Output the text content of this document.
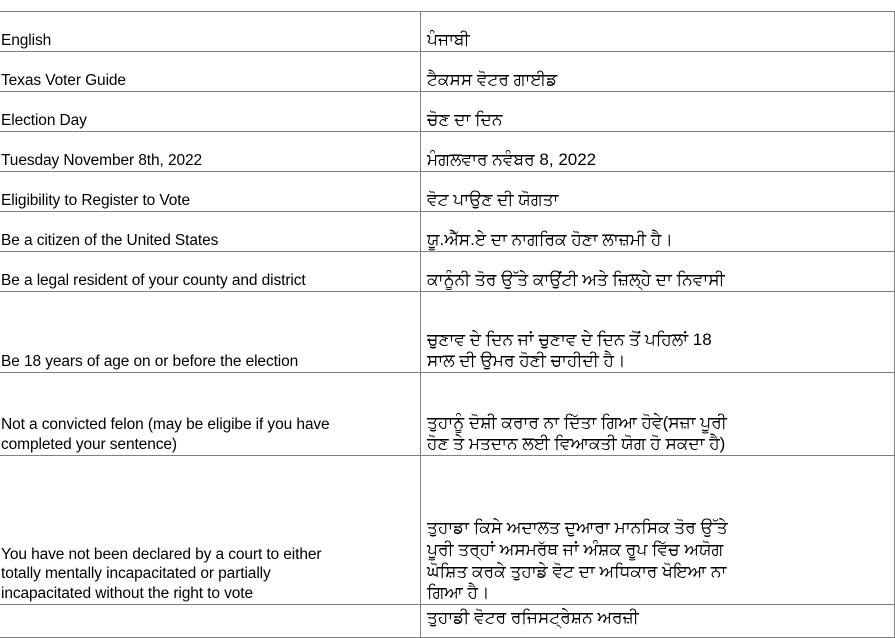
English	ਪੰਜਾਬੀ
Texas Voter Guide	ਟੈਕਸਸ ਵੋਟਰ ਗਾਈਡ
Election Day	ਚੋਣ ਦਾ ਦਿਨ
Tuesday November 8th, 2022	ਮੰਗਲਵਾਰ ਨਵੰਬਰ 8, 2022
Eligibility to Register to Vote	ਵੋਟ ਪਾਉਣ ਦੀ ਯੋਗਤਾ
Be a citizen of the United States	ਯੂ.ਐੱਸ.ਏ ਦਾ ਨਾਗਰਿਕ ਹੋਣਾ ਲਾਜ਼ਮੀ ਹੈ।
Be a legal resident of your county and district	ਕਾਨੂੰਨੀ ਤੋਰ ਉੱਤੇ ਕਾਉਂਟੀ ਅਤੇ ਜ਼ਿਲ੍ਹੇ ਦਾ ਨਿਵਾਸੀ
Be 18 years of age on or before the election	ਚੁਣਾਵ ਦੇ ਦਿਨ ਜਾਂ ਚੁਣਾਵ ਦੇ ਦਿਨ ਤੋਂ ਪਹਿਲਾਂ 18
ਸਾਲ ਦੀ ਉਮਰ ਹੋਣੀ ਚਾਹੀਦੀ ਹੈ।

Not a convicted felon (may be eligibe if you have
completed your sentence)	ਤੁਹਾਨੂੰ ਦੋਸ਼ੀ ਕਰਾਰ ਨਾ ਦਿੱਤਾ ਗਿਆ ਹੋਵੇ(ਸਜ਼ਾ ਪੂਰੀ
ਹੋਣ ਤੇ ਮਤਦਾਨ ਲਈ ਵਿਆਕਤੀ ਯੋਗ ਹੋ ਸਕਦਾ ਹੈ)

You have not been declared by a court to either
totally mentally incapacitated or partially
incapacitated without the right to vote	ਤੁਹਾਡਾ ਕਿਸੇ ਅਦਾਲਤ ਦੁਆਰਾ ਮਾਨਸਿਕ ਤੋਰ ਉੱਤੇ
ਪੂਰੀ ਤਰ੍ਹਾਂ ਅਸਮਰੱਥ ਜਾਂ ਅੰਸ਼ਕ ਰੂਪ ਵਿੱਚ ਅਯੋਗ
ਘੋਸ਼ਿਤ ਕਰਕੇ ਤੁਹਾਡੇ ਵੋਟ ਦਾ ਅਧਿਕਾਰ ਖੋਇਆ ਨਾ
ਗਿਆ ਹੈ।

	ਤੁਹਾਡੀ ਵੋਟਰ ਰਜਿਸਟ੍ਰੇਸ਼ਨ ਅਰਜ਼ੀ
